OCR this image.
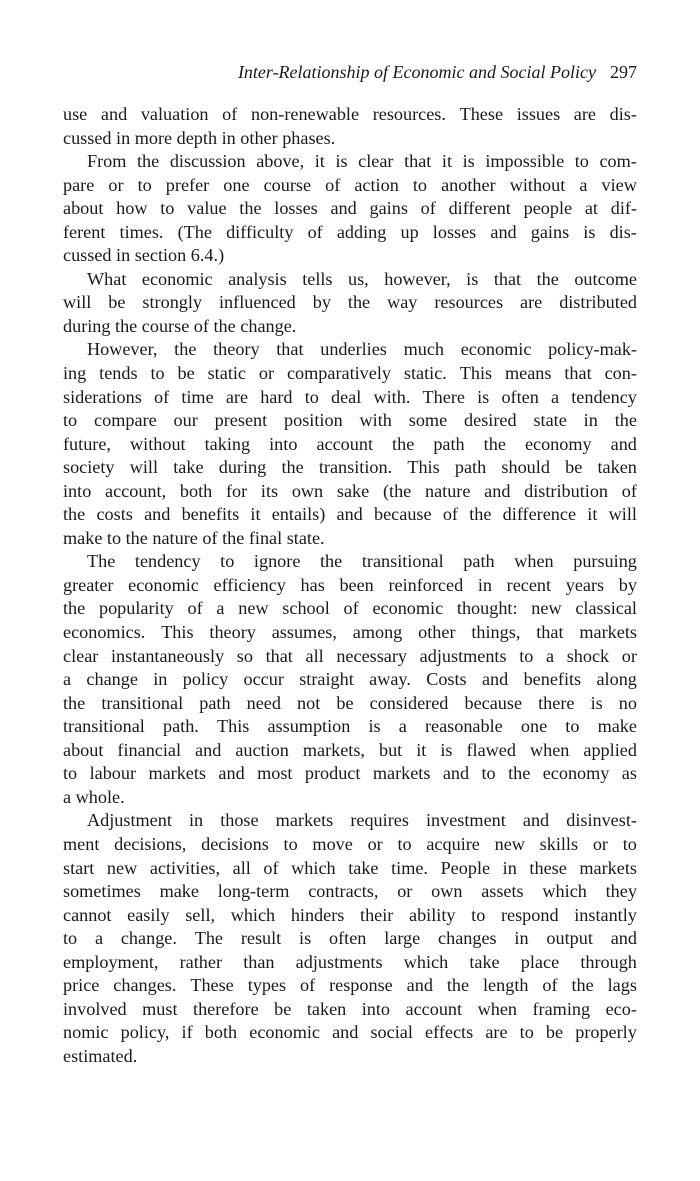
Inter-Relationship of Economic and Social Policy 297
use and valuation of non-renewable resources. These issues are dis-
cussed in more depth in other phases.
From the discussion above, it is clear that it is impossible to com-
pare or to prefer one course of action to another without a view
about how to value the losses and gains of different people at dif-
ferent times. (The difficulty of adding up losses and gains is dis-
cussed in section 6.4.)
What economic analysis tells us, however, is that the outcome
will be strongly influenced by the way resources are distributed
during the course of the change.
However, the theory that underlies much economic policy-mak-
ing tends to be static or comparatively static. This means that con-
siderations of time are hard to deal with. There is often a tendency
to compare our present position with some desired state in the
future, without taking into account the path the economy and
society will take during the transition. This path should be taken
into account, both for its own sake (the nature and distribution of
the costs and benefits it entails) and because of the difference it will
make to the nature of the final state.
The tendency to ignore the transitional path when pursuing
greater economic efficiency has been reinforced in recent years by
the popularity of a new school of economic thought: new classical
economics. This theory assumes, among other things, that markets
clear instantaneously so that all necessary adjustments to a shock or
a change in policy occur straight away. Costs and benefits along
the transitional path need not be considered because there is no
transitional path. This assumption is a reasonable one to make
about financial and auction markets, but it is flawed when applied
to labour markets and most product markets and to the economy as
a whole.
Adjustment in those markets requires investment and disinvest-
ment decisions, decisions to move or to acquire new skills or to
start new activities, all of which take time. People in these markets
sometimes make long-term contracts, or own assets which they
cannot easily sell, which hinders their ability to respond instantly
to a change. The result is often large changes in output and
employment, rather than adjustments which take place through
price changes. These types of response and the length of the lags
involved must therefore be taken into account when framing eco-
nomic policy, if both economic and social effects are to be properly
estimated.
